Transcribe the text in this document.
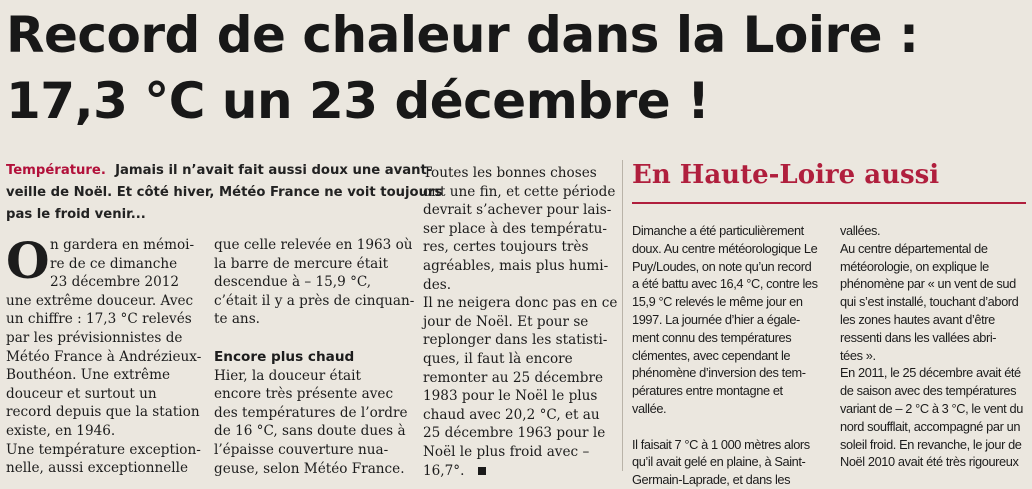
Record de chaleur dans la Loire :
17,3 °C un 23 décembre !
Température. Jamais il n’avait fait aussi doux une avant-
veille de Noël. Et côté hiver, Météo France ne voit toujours
pas le froid venir...
O n gardera en mémoi-
re de ce dimanche
23 décembre 2012
une extrême douceur. Avec
un chiffre : 17,3 °C relevés
par les prévisionnistes de
Météo France à Andrézieux-
Bouthéon. Une extrême
douceur et surtout un
record depuis que la station
existe, en 1946.
Une température exception-
nelle, aussi exceptionnelle
que celle relevée en 1963 où
la barre de mercure était
descendue à – 15,9 °C,
c’était il y a près de cinquan-
te ans.
Encore plus chaud
Hier, la douceur était
encore très présente avec
des températures de l’ordre
de 16 °C, sans doute dues à
l’épaisse couverture nua-
geuse, selon Météo France.
Toutes les bonnes choses
ont une fin, et cette période
devrait s’achever pour lais-
ser place à des températu-
res, certes toujours très
agréables, mais plus humi-
des.
Il ne neigera donc pas en ce
jour de Noël. Et pour se
replonger dans les statisti-
ques, il faut là encore
remonter au 25 décembre
1983 pour le Noël le plus
chaud avec 20,2 °C, et au
25 décembre 1963 pour le
Noël le plus froid avec –
16,7°.
En Haute-Loire aussi
Dimanche a été particulièrement
doux. Au centre météorologique Le
Puy/Loudes, on note qu’un record
a été battu avec 16,4 °C, contre les
15,9 °C relevés le même jour en
1997. La journée d’hier a égale-
ment connu des températures
clémentes, avec cependant le
phénomène d’inversion des tem-
pératures entre montagne et
vallée.
Il faisait 7 °C à 1 000 mètres alors
qu’il avait gelé en plaine, à Saint-
Germain-Laprade, et dans les
vallées.
Au centre départemental de
météorologie, on explique le
phénomène par « un vent de sud
qui s’est installé, touchant d’abord
les zones hautes avant d’être
ressenti dans les vallées abri-
tées ».
En 2011, le 25 décembre avait été
de saison avec des températures
variant de – 2 °C à 3 °C, le vent du
nord soufflait, accompagné par un
soleil froid. En revanche, le jour de
Noël 2010 avait été très rigoureux
